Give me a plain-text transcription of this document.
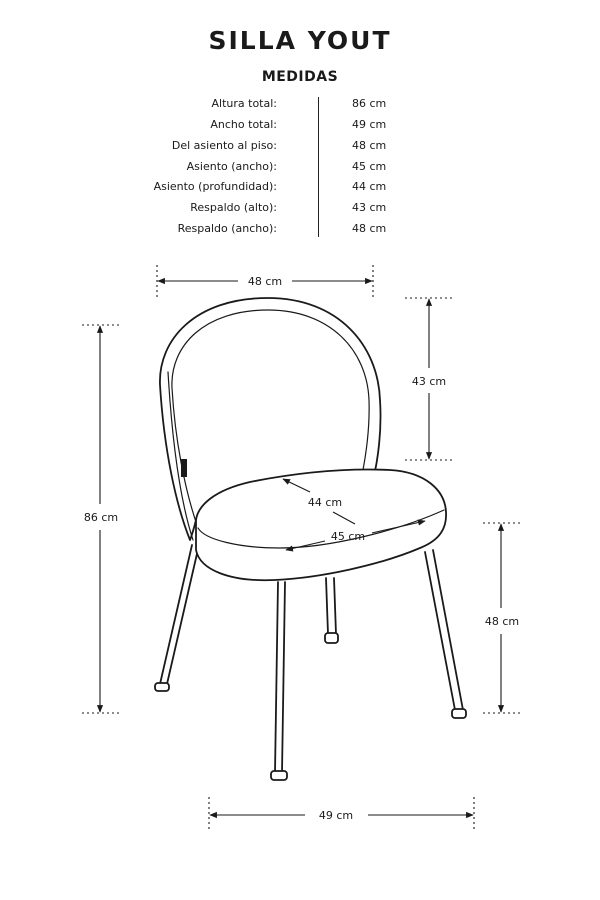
SILLA YOUT
MEDIDAS
Altura total:	86 cm
Ancho total:	49 cm
Del asiento al piso:	48 cm
Asiento (ancho):	45 cm
Asiento (profundidad):	44 cm
Respaldo (alto):	43 cm
Respaldo (ancho):	48 cm
48 cm
43 cm
86 cm
48 cm
49 cm
44 cm
45 cm
